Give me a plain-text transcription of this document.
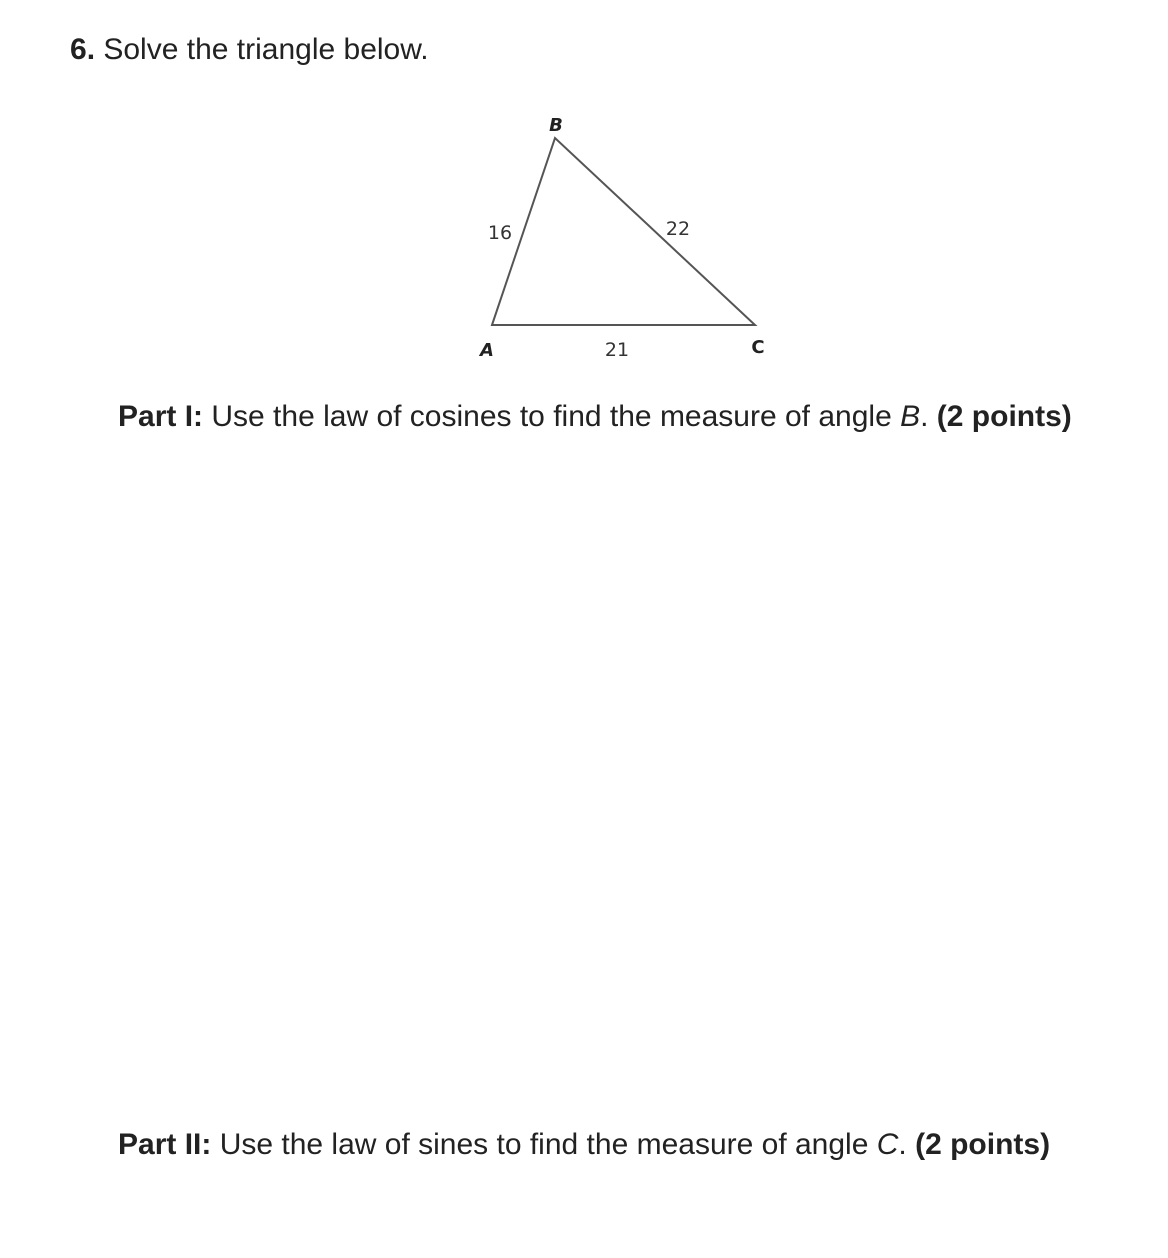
6. Solve the triangle below.
B
A	C
16	22
21
Part I: Use the law of cosines to find the measure of angle B. (2 points)
Part II: Use the law of sines to find the measure of angle C. (2 points)
